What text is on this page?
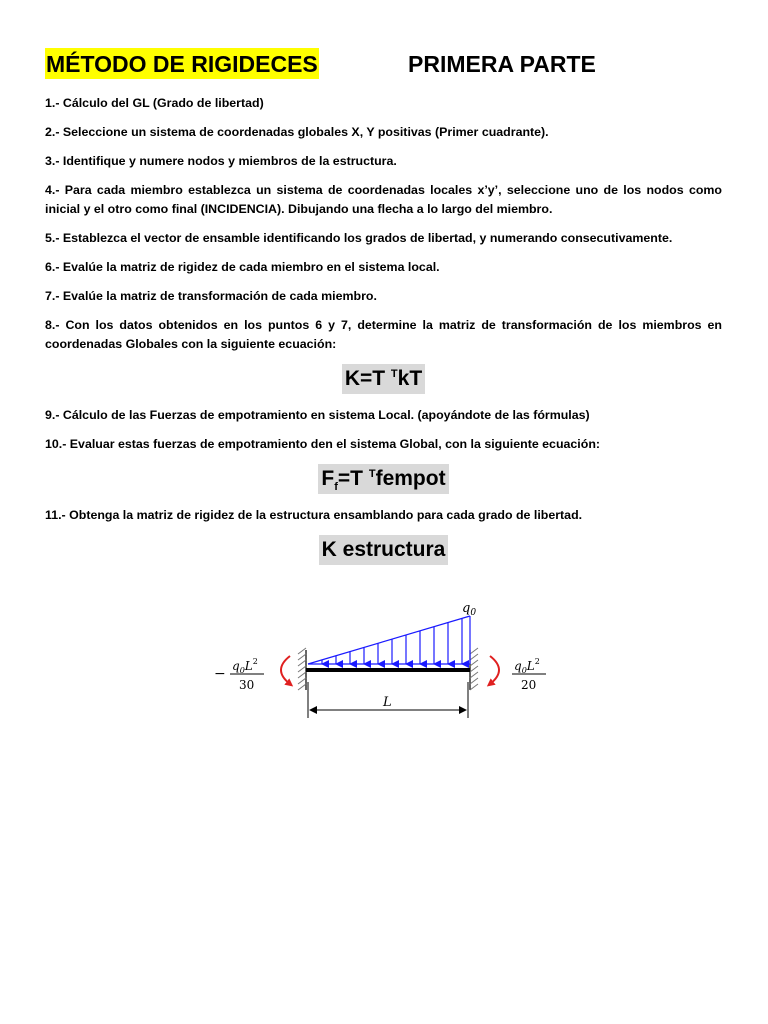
MÉTODO DE RIGIDECES	PRIMERA PARTE

1.- Cálculo del GL (Grado de libertad)

2.- Seleccione un sistema de coordenadas globales X, Y positivas (Primer cuadrante).

3.- Identifique y numere nodos y miembros de la estructura.

4.- Para cada miembro establezca un sistema de coordenadas locales x’y’, seleccione uno de los nodos como inicial y el otro como final (INCIDENCIA). Dibujando una flecha a lo largo del miembro.

5.- Establezca el vector de ensamble identificando los grados de libertad, y numerando consecutivamente.

6.- Evalúe la matriz de rigidez de cada miembro en el sistema local.

7.- Evalúe la matriz de transformación de cada miembro.

8.- Con los datos obtenidos en los puntos 6 y 7, determine la matriz de transformación de los miembros en coordenadas Globales con la siguiente ecuación:

K=T $^T$kT

9.- Cálculo de las Fuerzas de empotramiento en sistema Local. (apoyándote de las fórmulas)

10.- Evaluar estas fuerzas de empotramiento den el sistema Global, con la siguiente ecuación:

$F_f=T$ $^T$fempot

11.- Obtenga la matriz de rigidez de la estructura ensamblando para cada grado de libertad.

K estructura
$q_0$
L
− $q_0L^2$
30
$q_0L^2$
20
